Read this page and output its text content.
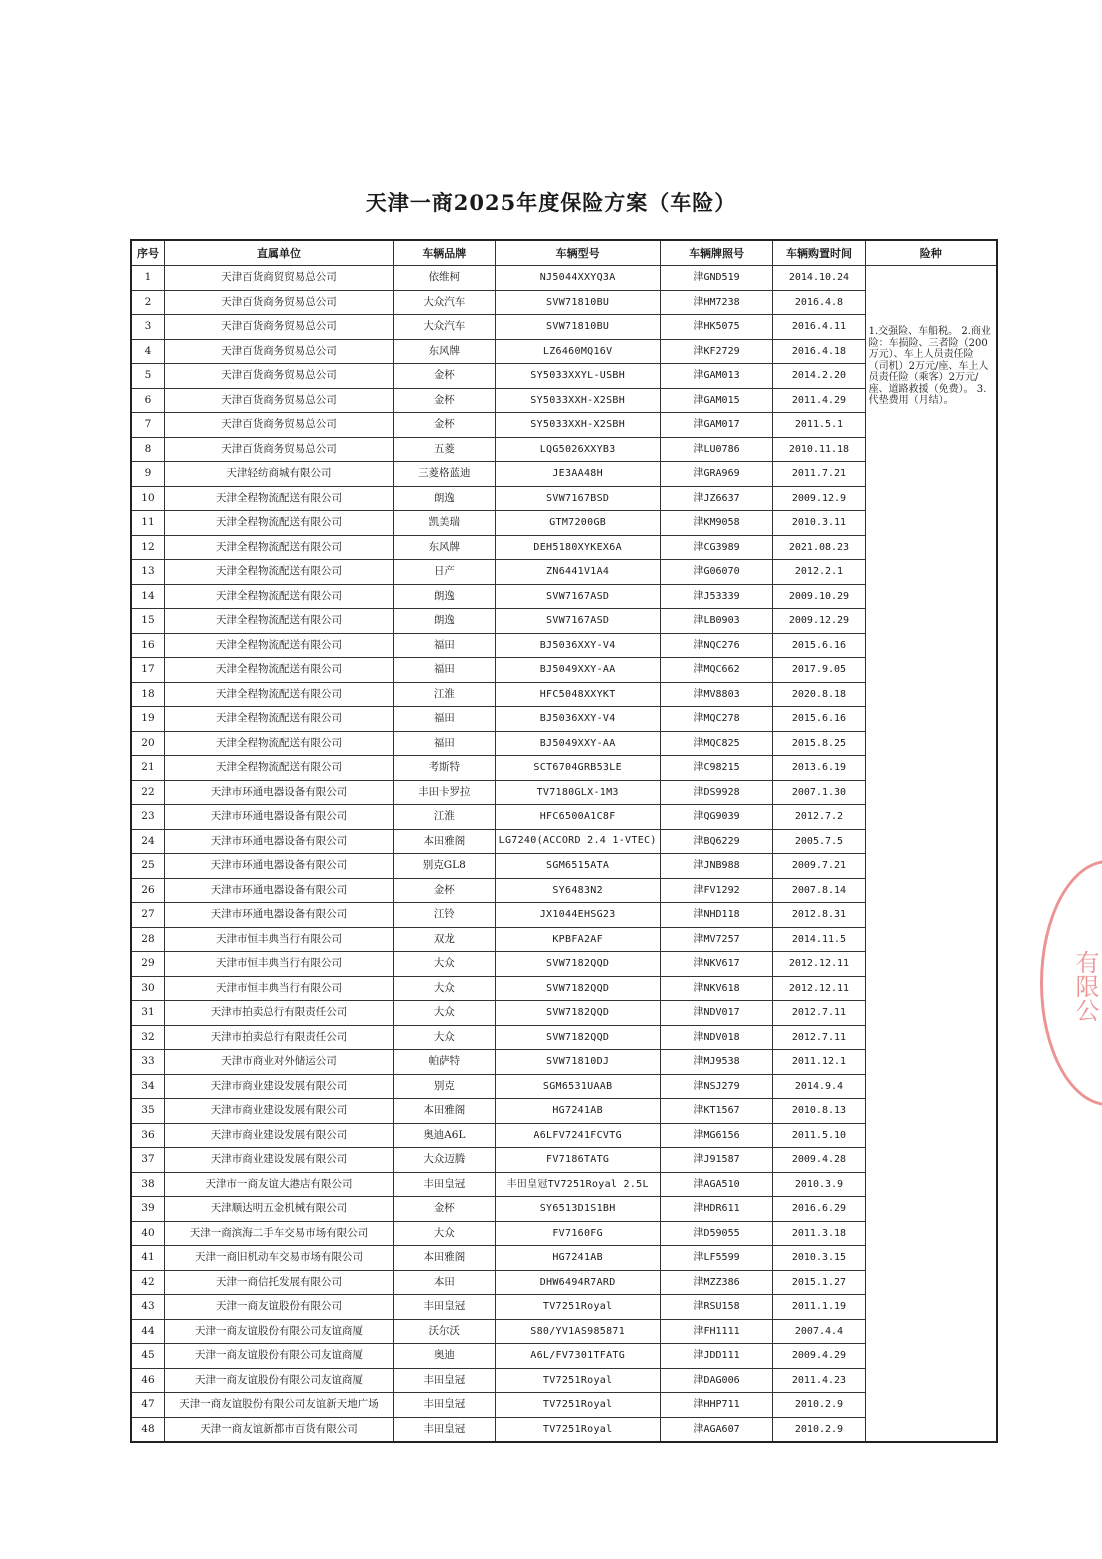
天津一商2025年度保险方案（车险）
序号	直属单位	车辆品牌	车辆型号	车辆牌照号	车辆购置时间	险种
1	天津百货商贸贸易总公司	依维柯	NJ5044XXYQ3A	津GND519	2014.10.24	1.交强险、车船税。 2.商业险：车损险、三者险（200万元）、车上人员责任险（司机）2万元/座、车上人员责任险（乘客）2万元/座、道路救援（免费）。 3.代垫费用（月结）。
2	天津百货商务贸易总公司	大众汽车	SVW71810BU	津HM7238	2016.4.8	
3	天津百货商务贸易总公司	大众汽车	SVW71810BU	津HK5075	2016.4.11	
4	天津百货商务贸易总公司	东风牌	LZ6460MQ16V	津KF2729	2016.4.18	
5	天津百货商务贸易总公司	金杯	SY5033XXYL-USBH	津GAM013	2014.2.20	
6	天津百货商务贸易总公司	金杯	SY5033XXH-X2SBH	津GAM015	2011.4.29	
7	天津百货商务贸易总公司	金杯	SY5033XXH-X2SBH	津GAM017	2011.5.1	
8	天津百货商务贸易总公司	五菱	LQG5026XXYB3	津LU0786	2010.11.18	
9	天津轻纺商城有限公司	三菱格蓝迪	JE3AA48H	津GRA969	2011.7.21	
10	天津全程物流配送有限公司	朗逸	SVW7167BSD	津JZ6637	2009.12.9	
11	天津全程物流配送有限公司	凯美瑞	GTM7200GB	津KM9058	2010.3.11	
12	天津全程物流配送有限公司	东风牌	DEH5180XYKEX6A	津CG3989	2021.08.23	
13	天津全程物流配送有限公司	日产	ZN6441V1A4	津G06070	2012.2.1	
14	天津全程物流配送有限公司	朗逸	SVW7167ASD	津J53339	2009.10.29	
15	天津全程物流配送有限公司	朗逸	SVW7167ASD	津LB0903	2009.12.29	
16	天津全程物流配送有限公司	福田	BJ5036XXY-V4	津NQC276	2015.6.16	
17	天津全程物流配送有限公司	福田	BJ5049XXY-AA	津MQC662	2017.9.05	
18	天津全程物流配送有限公司	江淮	HFC5048XXYKT	津MV8803	2020.8.18	
19	天津全程物流配送有限公司	福田	BJ5036XXY-V4	津MQC278	2015.6.16	
20	天津全程物流配送有限公司	福田	BJ5049XXY-AA	津MQC825	2015.8.25	
21	天津全程物流配送有限公司	考斯特	SCT6704GRB53LE	津C98215	2013.6.19	
22	天津市环通电器设备有限公司	丰田卡罗拉	TV7180GLX-1M3	津DS9928	2007.1.30	
23	天津市环通电器设备有限公司	江淮	HFC6500A1C8F	津QG9039	2012.7.2	
24	天津市环通电器设备有限公司	本田雅阁	LG7240(ACCORD 2.4 1-VTEC)	津BQ6229	2005.7.5	
25	天津市环通电器设备有限公司	别克GL8	SGM6515ATA	津JNB988	2009.7.21	
26	天津市环通电器设备有限公司	金杯	SY6483N2	津FV1292	2007.8.14	
27	天津市环通电器设备有限公司	江铃	JX1044EHSG23	津NHD118	2012.8.31	
28	天津市恒丰典当行有限公司	双龙	KPBFA2AF	津MV7257	2014.11.5	
29	天津市恒丰典当行有限公司	大众	SVW7182QQD	津NKV617	2012.12.11	
30	天津市恒丰典当行有限公司	大众	SVW7182QQD	津NKV618	2012.12.11	
31	天津市拍卖总行有限责任公司	大众	SVW7182QQD	津NDV017	2012.7.11	
32	天津市拍卖总行有限责任公司	大众	SVW7182QQD	津NDV018	2012.7.11	
33	天津市商业对外储运公司	帕萨特	SVW71810DJ	津MJ9538	2011.12.1	
34	天津市商业建设发展有限公司	别克	SGM6531UAAB	津NSJ279	2014.9.4	
35	天津市商业建设发展有限公司	本田雅阁	HG7241AB	津KT1567	2010.8.13	
36	天津市商业建设发展有限公司	奥迪A6L	A6LFV7241FCVTG	津MG6156	2011.5.10	
37	天津市商业建设发展有限公司	大众迈腾	FV7186TATG	津J91587	2009.4.28	
38	天津市一商友谊大港店有限公司	丰田皇冠	丰田皇冠TV7251Royal 2.5L	津AGA510	2010.3.9	
39	天津顺达明五金机械有限公司	金杯	SY6513D1S1BH	津HDR611	2016.6.29	
40	天津一商滨海二手车交易市场有限公司	大众	FV7160FG	津D59055	2011.3.18	
41	天津一商旧机动车交易市场有限公司	本田雅阁	HG7241AB	津LF5599	2010.3.15	
42	天津一商信托发展有限公司	本田	DHW6494R7ARD	津MZZ386	2015.1.27	
43	天津一商友谊股份有限公司	丰田皇冠	TV7251Royal	津RSU158	2011.1.19	
44	天津一商友谊股份有限公司友谊商厦	沃尔沃	S80/YV1AS985871	津FH1111	2007.4.4	
45	天津一商友谊股份有限公司友谊商厦	奥迪	A6L/FV7301TFATG	津JDD111	2009.4.29	
46	天津一商友谊股份有限公司友谊商厦	丰田皇冠	TV7251Royal	津DAG006	2011.4.23	
47	天津一商友谊股份有限公司友谊新天地广场	丰田皇冠	TV7251Royal	津HHP711	2010.2.9	
48	天津一商友谊新都市百货有限公司	丰田皇冠	TV7251Royal	津AGA607	2010.2.9	
有限公
